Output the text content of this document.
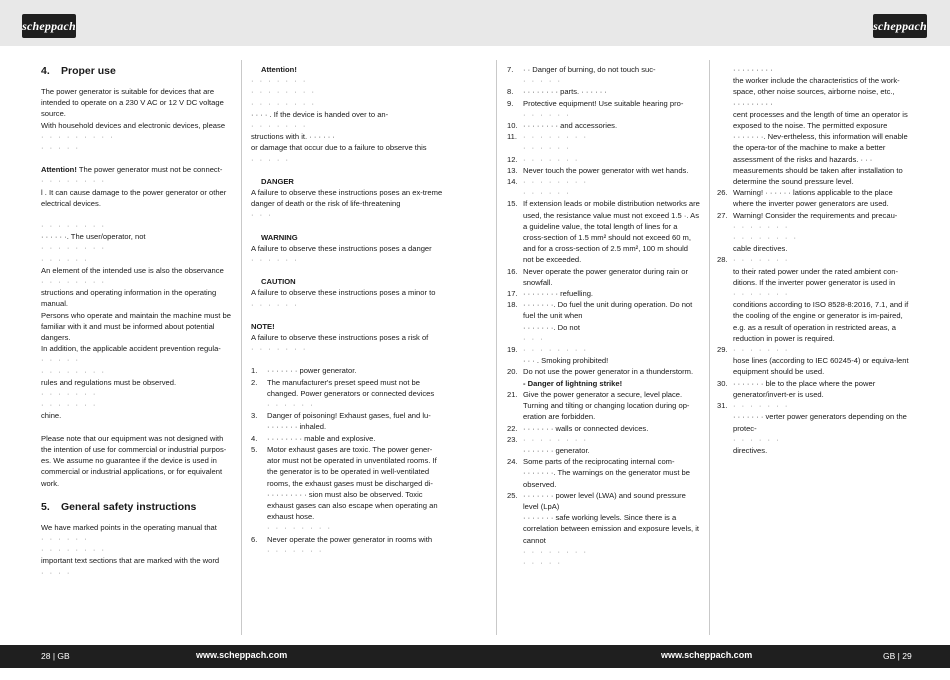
scheppach	scheppach
4. Proper use

The power generator is suitable for devices that are intended to operate on a 230 V AC or 12 V DC voltage source.

With household devices and electronic devices, please

· · · · · · · · ·

· · · · ·

Attention! The power generator must not be connect-

· · · · · · · ·

l . It can cause damage to the power generator or other electrical devices.

· · · · · · · ·

· · · · · ·. The user/operator, not

· · · · · · · ·

· · · · · ·

An element of the intended use is also the observance

· · · · · · · ·

structions and operating information in the operating manual.

Persons who operate and maintain the machine must be familiar with it and must be informed about potential dangers.

In addition, the applicable accident prevention regula-

· · · · ·

· · · · · · · ·

rules and regulations must be observed.

· · · · · · ·

· · · · · · ·

chine.

Please note that our equipment was not designed with the intention of use for commercial or industrial purpos-es. We assume no guarantee if the device is used in commercial or industrial applications, or for equivalent work.

5. General safety instructions

We have marked points in the operating manual that

· · · · · ·

· · · · · · · ·

important text sections that are marked with the word

· · · ·

Attention!

· · · · · · ·

· · · · · · · ·

· · · · · · · ·

· · · · . If the device is handed over to an-

· · · · · · ·

structions with it. · · · · · ·

or damage that occur due to a failure to observe this

· · · · ·

DANGER

A failure to observe these instructions poses an ex-treme danger of death or the risk of life-threatening

· · ·

WARNING

A failure to observe these instructions poses a danger

· · · · · ·

CAUTION

A failure to observe these instructions poses a minor to

· · · · · ·

NOTE!

A failure to observe these instructions poses a risk of

· · · · · · ·

1. · · · · · · · power generator.
2. The manufacturer's preset speed must not be changed. Power generators or connected devices
· · · · · ·
3. Danger of poisoning! Exhaust gases, fuel and lu-
· · · · · · · inhaled.
4. · · · · · · · · mable and explosive.
5. Motor exhaust gases are toxic. The power gener-ator must not be operated in unventilated rooms. If the generator is to be operated in well-ventilated rooms, the exhaust gases must be discharged di-
· · · · · · · · · sion must also be observed. Toxic exhaust gases can also escape when operating an exhaust hose.
· · · · · · · ·
6. Never operate the power generator in rooms with
· · · · · · ·
7. · · Danger of burning, do not touch suc-
· · · · ·
8. · · · · · · · · parts. · · · · · ·
9. Protective equipment! Use suitable hearing pro-
· · · · · ·
10. · · · · · · · · and accessories.
11. · · · · · · · ·
· · · · · ·
12. · · · · · · ·
13. Never touch the power generator with wet hands.
14. · · · · · · · ·
· · · · · ·
15. If extension leads or mobile distribution networks are used, the resistance value must not exceed 1.5 ·. As a guideline value, the total length of lines for a cross-section of 1.5 mm² should not exceed 60 m, and for a cross-section of 2.5 mm², 100 m should not be exceeded.
16. Never operate the power generator during rain or snowfall.
17. · · · · · · · · refuelling.
18. · · · · · · ·. Do fuel the unit during operation. Do not fuel the unit when
· · · · · · ·. Do not
· · ·
19. · · · · · · · ·
· · · . Smoking prohibited!
20. Do not use the power generator in a thunderstorm.
- Danger of lightning strike!
21. Give the power generator a secure, level place. Turning and tilting or changing location during op-eration are forbidden.
22. · · · · · · · walls or connected devices.
23. · · · · · · · ·
· · · · · · · generator.
24. Some parts of the reciprocating internal com-
· · · · · · ·. The warnings on the generator must be observed.
25. · · · · · · · power level (LWA) and sound pressure level (LpA)
· · · · · · · safe working levels. Since there is a correlation between emission and exposure levels, it cannot
· · · · · · · ·
· · · · ·

· · · · · · · · ·

the worker include the characteristics of the work-space, other noise sources, airborne noise, etc.,

· · · · · · · · ·

cent processes and the length of time an operator is exposed to the noise. The permitted exposure

· · · · · · ·. Nev-ertheless, this information will enable the opera-tor of the machine to make a better assessment of the risks and hazards. · · ·

measurements should be taken after installation to determine the sound pressure level.

26. Warning! · · · · · · lations applicable to the place where the inverter power generators are used.
27. Warning! Consider the requirements and precau-
· · · · · · ·
· · · · · · · ·
cable directives.
28. · · · · · · ·
to their rated power under the rated ambient con-ditions. If the inverter power generator is used in
· · · · · · ·
conditions according to ISO 8528-8:2016, 7.1, and if the cooling of the engine or generator is im-paired, e.g. as a result of operation in restricted areas, a reduction in power is required.
29. · · · · · · ·
hose lines (according to IEC 60245-4) or equiva-lent equipment should be used.
30. · · · · · · · ble to the place where the power generator/invert-er is used.
31. · · · · · · ·
· · · · · · · verter power generators depending on the protec-
· · · · · ·
directives.
28 | GB	www.scheppach.com	www.scheppach.com	GB | 29
